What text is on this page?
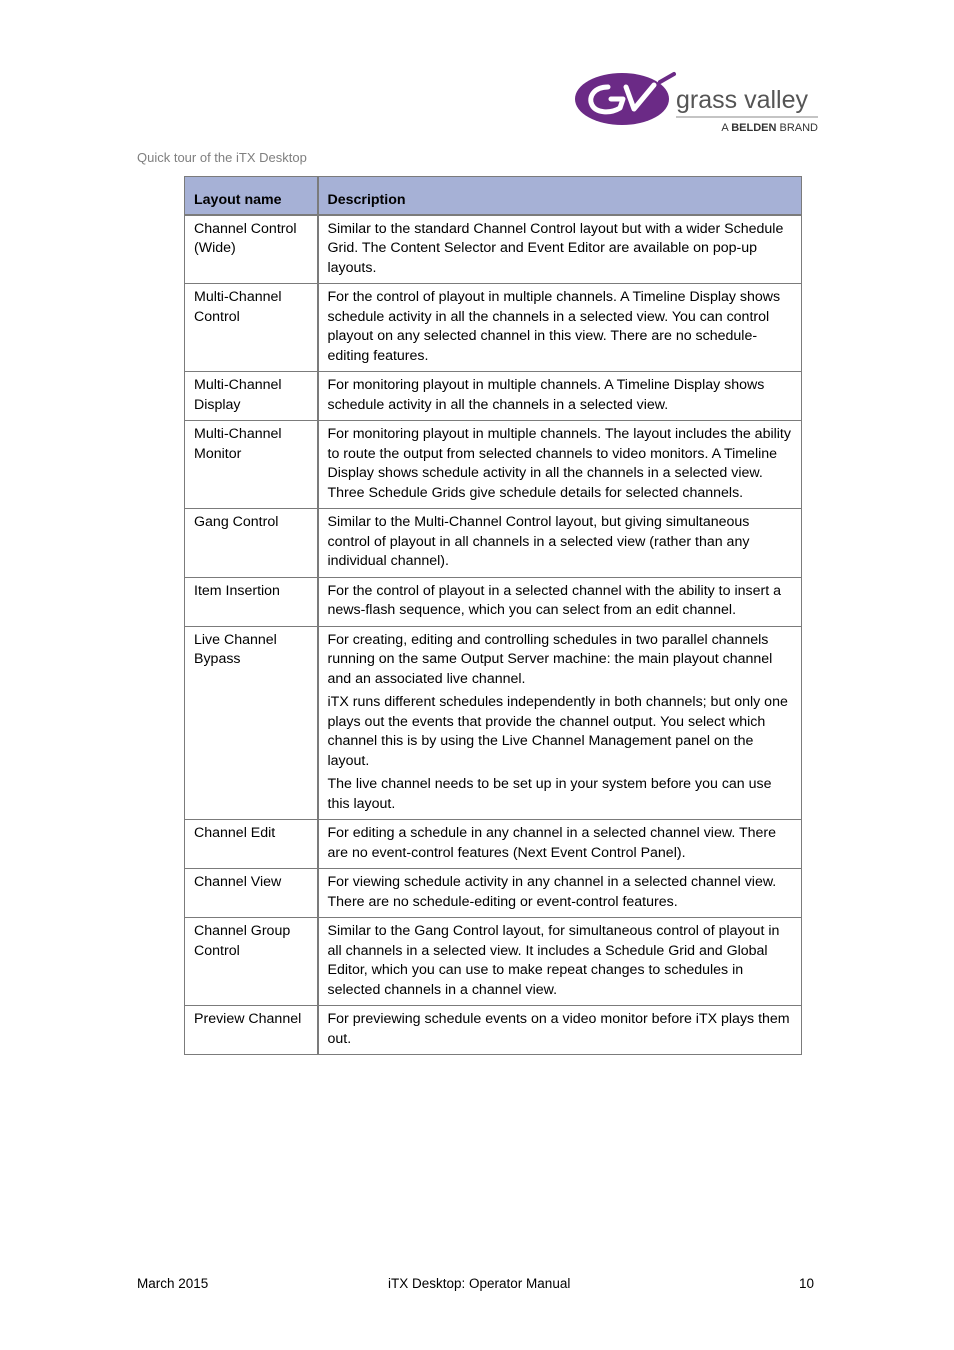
grass valley
A BELDEN BRAND
Quick tour of the iTX Desktop
Layout name	Description
Channel Control (Wide)	Similar to the standard Channel Control layout but with a wider Schedule Grid. The Content Selector and Event Editor are available on pop-up layouts.

Multi-Channel Control	For the control of playout in multiple channels. A Timeline Display shows schedule activity in all the channels in a selected view. You can control playout on any selected channel in this view. There are no schedule-editing features.

Multi-Channel Display	For monitoring playout in multiple channels. A Timeline Display shows schedule activity in all the channels in a selected view.

Multi-Channel Monitor	For monitoring playout in multiple channels. The layout includes the ability to route the output from selected channels to video monitors. A Timeline Display shows schedule activity in all the channels in a selected view. Three Schedule Grids give schedule details for selected channels.

Gang Control	Similar to the Multi-Channel Control layout, but giving simultaneous control of playout in all channels in a selected view (rather than any individual channel).

Item Insertion	For the control of playout in a selected channel with the ability to insert a news-flash sequence, which you can select from an edit channel.

Live Channel Bypass	For creating, editing and controlling schedules in two parallel channels running on the same Output Server machine: the main playout channel and an associated live channel.

iTX runs different schedules independently in both channels; but only one plays out the events that provide the channel output. You select which channel this is by using the Live Channel Management panel on the layout.

The live channel needs to be set up in your system before you can use this layout.

Channel Edit	For editing a schedule in any channel in a selected channel view. There are no event-control features (Next Event Control Panel).

Channel View	For viewing schedule activity in any channel in a selected channel view. There are no schedule-editing or event-control features.

Channel Group Control	Similar to the Gang Control layout, for simultaneous control of playout in all channels in a selected view. It includes a Schedule Grid and Global Editor, which you can use to make repeat changes to schedules in selected channels in a channel view.

Preview Channel	For previewing schedule events on a video monitor before iTX plays them out.

March 2015	iTX Desktop: Operator Manual	10
